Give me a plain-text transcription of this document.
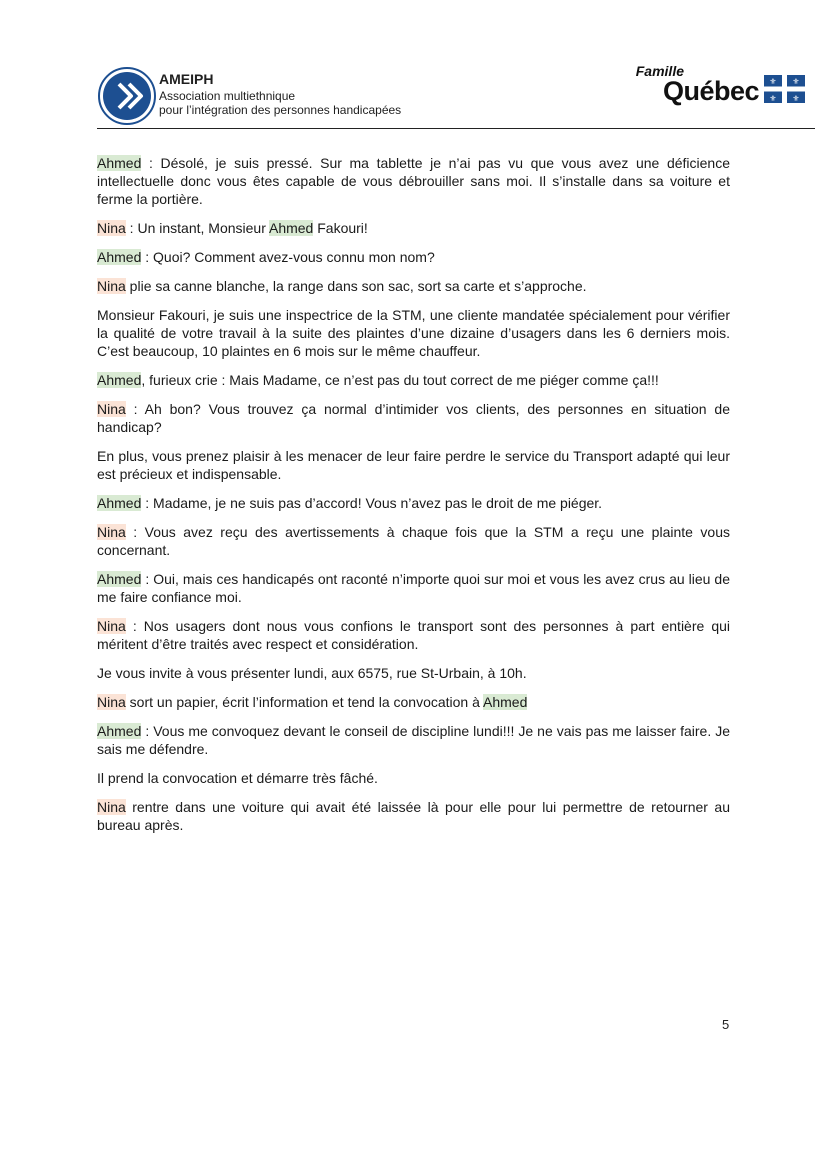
AMEIPH
Association multiethnique
pour l’intégration des personnes handicapées
Famille
Québec ⚜ ⚜
⚜ ⚜

Ahmed : Désolé, je suis pressé. Sur ma tablette je n’ai pas vu que vous avez une déficience intellectuelle donc vous êtes capable de vous débrouiller sans moi. Il s’installe dans sa voiture et ferme la portière.

Nina : Un instant, Monsieur Ahmed Fakouri!

Ahmed : Quoi? Comment avez-vous connu mon nom?

Nina plie sa canne blanche, la range dans son sac, sort sa carte et s’approche.

Monsieur Fakouri, je suis une inspectrice de la STM, une cliente mandatée spécialement pour vérifier la qualité de votre travail à la suite des plaintes d’une dizaine d’usagers dans les 6 derniers mois. C’est beaucoup, 10 plaintes en 6 mois sur le même chauffeur.

Ahmed, furieux crie : Mais Madame, ce n’est pas du tout correct de me piéger comme ça!!!

Nina : Ah bon? Vous trouvez ça normal d’intimider vos clients, des personnes en situation de handicap?

En plus, vous prenez plaisir à les menacer de leur faire perdre le service du Transport adapté qui leur est précieux et indispensable.

Ahmed : Madame, je ne suis pas d’accord! Vous n’avez pas le droit de me piéger.

Nina : Vous avez reçu des avertissements à chaque fois que la STM a reçu une plainte vous concernant.

Ahmed : Oui, mais ces handicapés ont raconté n’importe quoi sur moi et vous les avez crus au lieu de me faire confiance moi.

Nina : Nos usagers dont nous vous confions le transport sont des personnes à part entière qui méritent d’être traités avec respect et considération.

Je vous invite à vous présenter lundi, aux 6575, rue St-Urbain, à 10h.

Nina sort un papier, écrit l’information et tend la convocation à Ahmed

Ahmed : Vous me convoquez devant le conseil de discipline lundi!!! Je ne vais pas me laisser faire. Je sais me défendre.

Il prend la convocation et démarre très fâché.

Nina rentre dans une voiture qui avait été laissée là pour elle pour lui permettre de retourner au bureau après.

5
